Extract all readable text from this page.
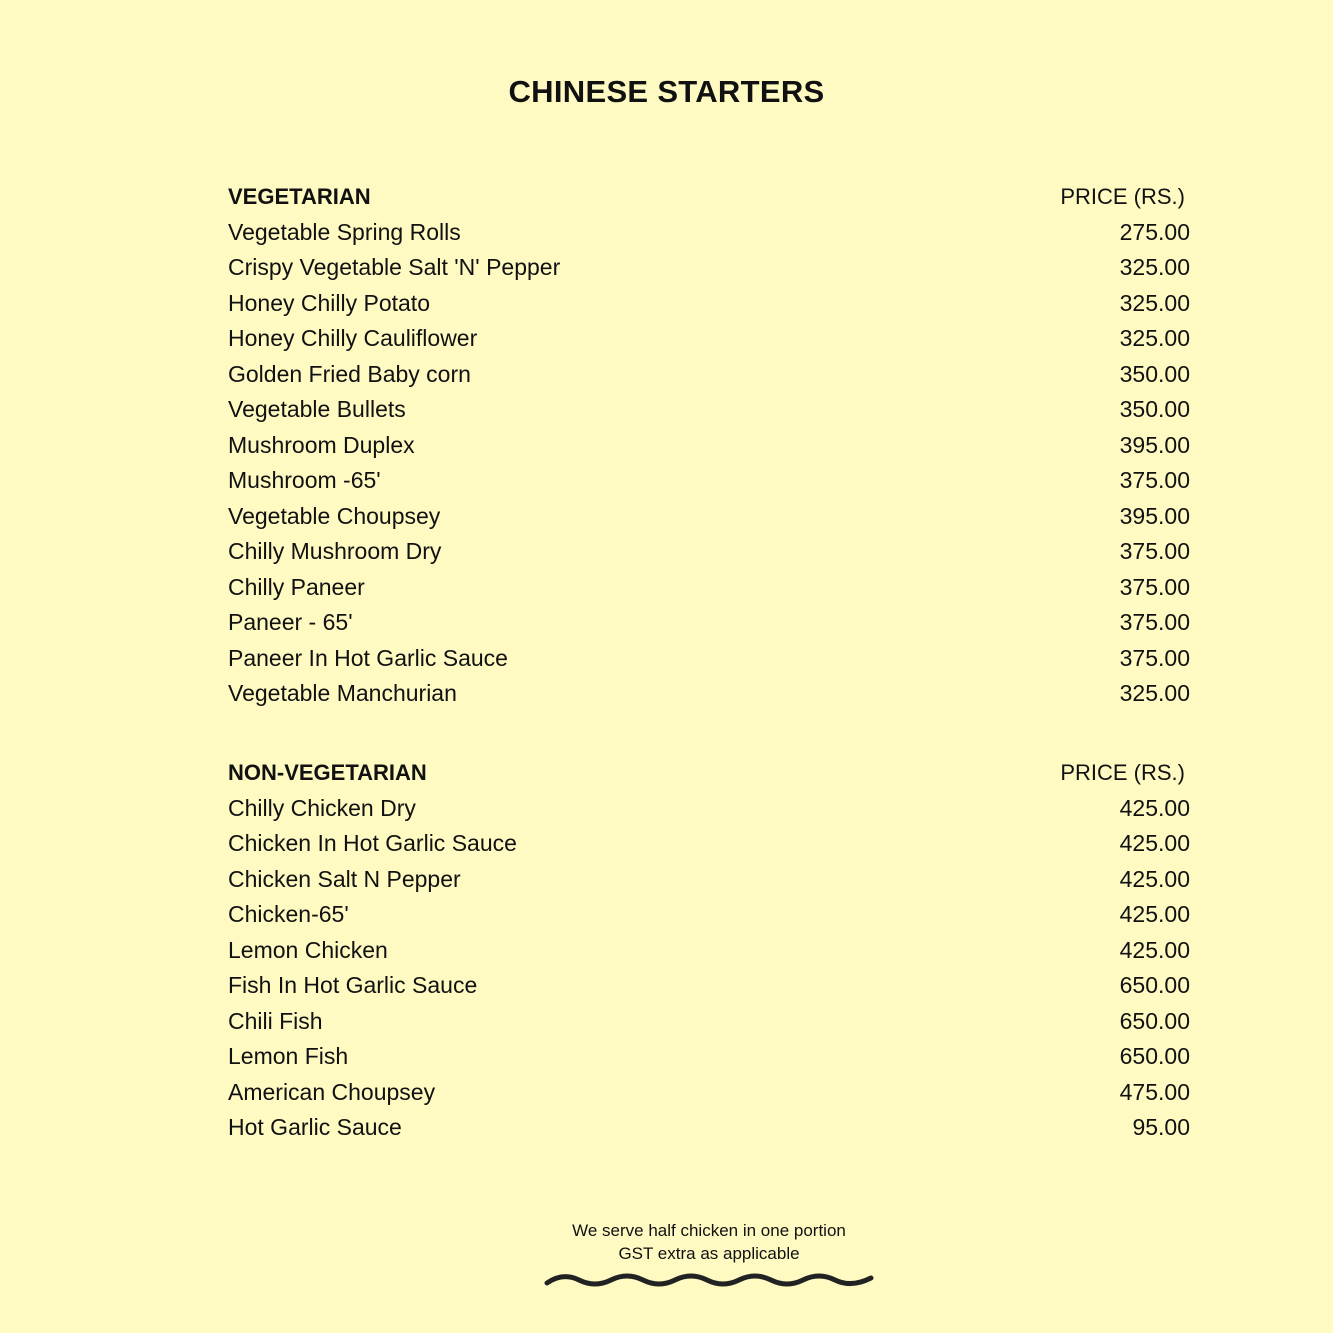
CHINESE STARTERS
VEGETARIAN	PRICE (RS.)
Vegetable Spring Rolls	275.00
Crispy Vegetable Salt 'N' Pepper	325.00
Honey Chilly Potato	325.00
Honey Chilly Cauliflower	325.00
Golden Fried Baby corn	350.00
Vegetable Bullets	350.00
Mushroom Duplex	395.00
Mushroom -65'	375.00
Vegetable Choupsey	395.00
Chilly Mushroom Dry	375.00
Chilly Paneer	375.00
Paneer - 65'	375.00
Paneer In Hot Garlic Sauce	375.00
Vegetable Manchurian	325.00
NON-VEGETARIAN	PRICE (RS.)
Chilly Chicken Dry	425.00
Chicken In Hot Garlic Sauce	425.00
Chicken Salt N Pepper	425.00
Chicken-65'	425.00
Lemon Chicken	425.00
Fish In Hot Garlic Sauce	650.00
Chili Fish	650.00
Lemon Fish	650.00
American Choupsey	475.00
Hot Garlic Sauce	95.00
We serve half chicken in one portion
GST extra as applicable
